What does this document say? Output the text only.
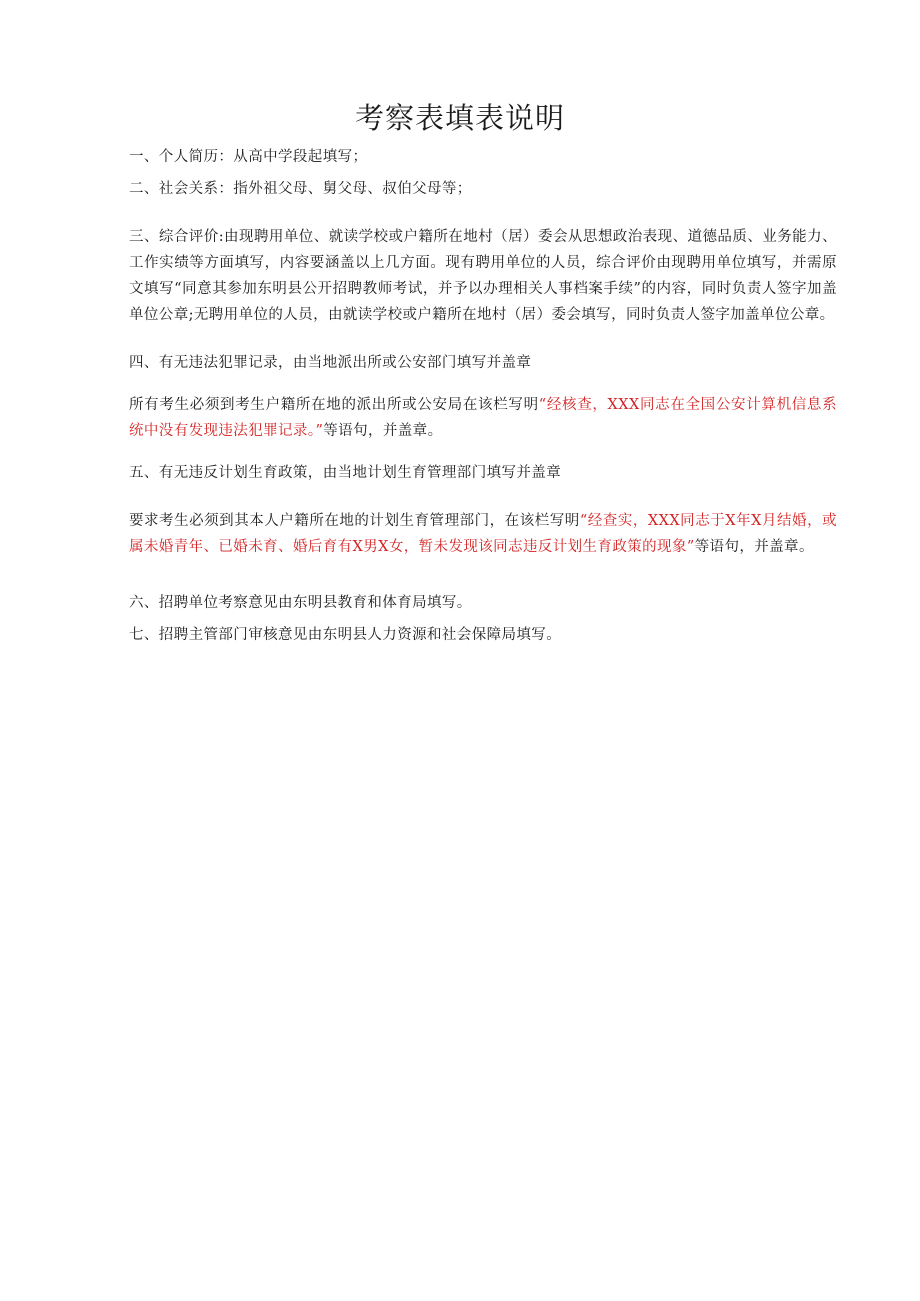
考察表填表说明

一、个人简历：从高中学段起填写；

二、社会关系：指外祖父母、舅父母、叔伯父母等；

三、综合评价:由现聘用单位、就读学校或户籍所在地村（居）委会从思想政治表现、道德品质、业务能力、工作实绩等方面填写，内容要涵盖以上几方面。现有聘用单位的人员，综合评价由现聘用单位填写，并需原文填写“同意其参加东明县公开招聘教师考试，并予以办理相关人事档案手续”的内容，同时负责人签字加盖单位公章;无聘用单位的人员，由就读学校或户籍所在地村（居）委会填写，同时负责人签字加盖单位公章。

四、有无违法犯罪记录，由当地派出所或公安部门填写并盖章

所有考生必须到考生户籍所在地的派出所或公安局在该栏写明“经核查，XXX同志在全国公安计算机信息系统中没有发现违法犯罪记录。”等语句，并盖章。

五、有无违反计划生育政策，由当地计划生育管理部门填写并盖章

要求考生必须到其本人户籍所在地的计划生育管理部门，在该栏写明“经查实，XXX同志于X年X月结婚，或属未婚青年、已婚未育、婚后育有X男X女，暂未发现该同志违反计划生育政策的现象”等语句，并盖章。

六、招聘单位考察意见由东明县教育和体育局填写。

七、招聘主管部门审核意见由东明县人力资源和社会保障局填写。
